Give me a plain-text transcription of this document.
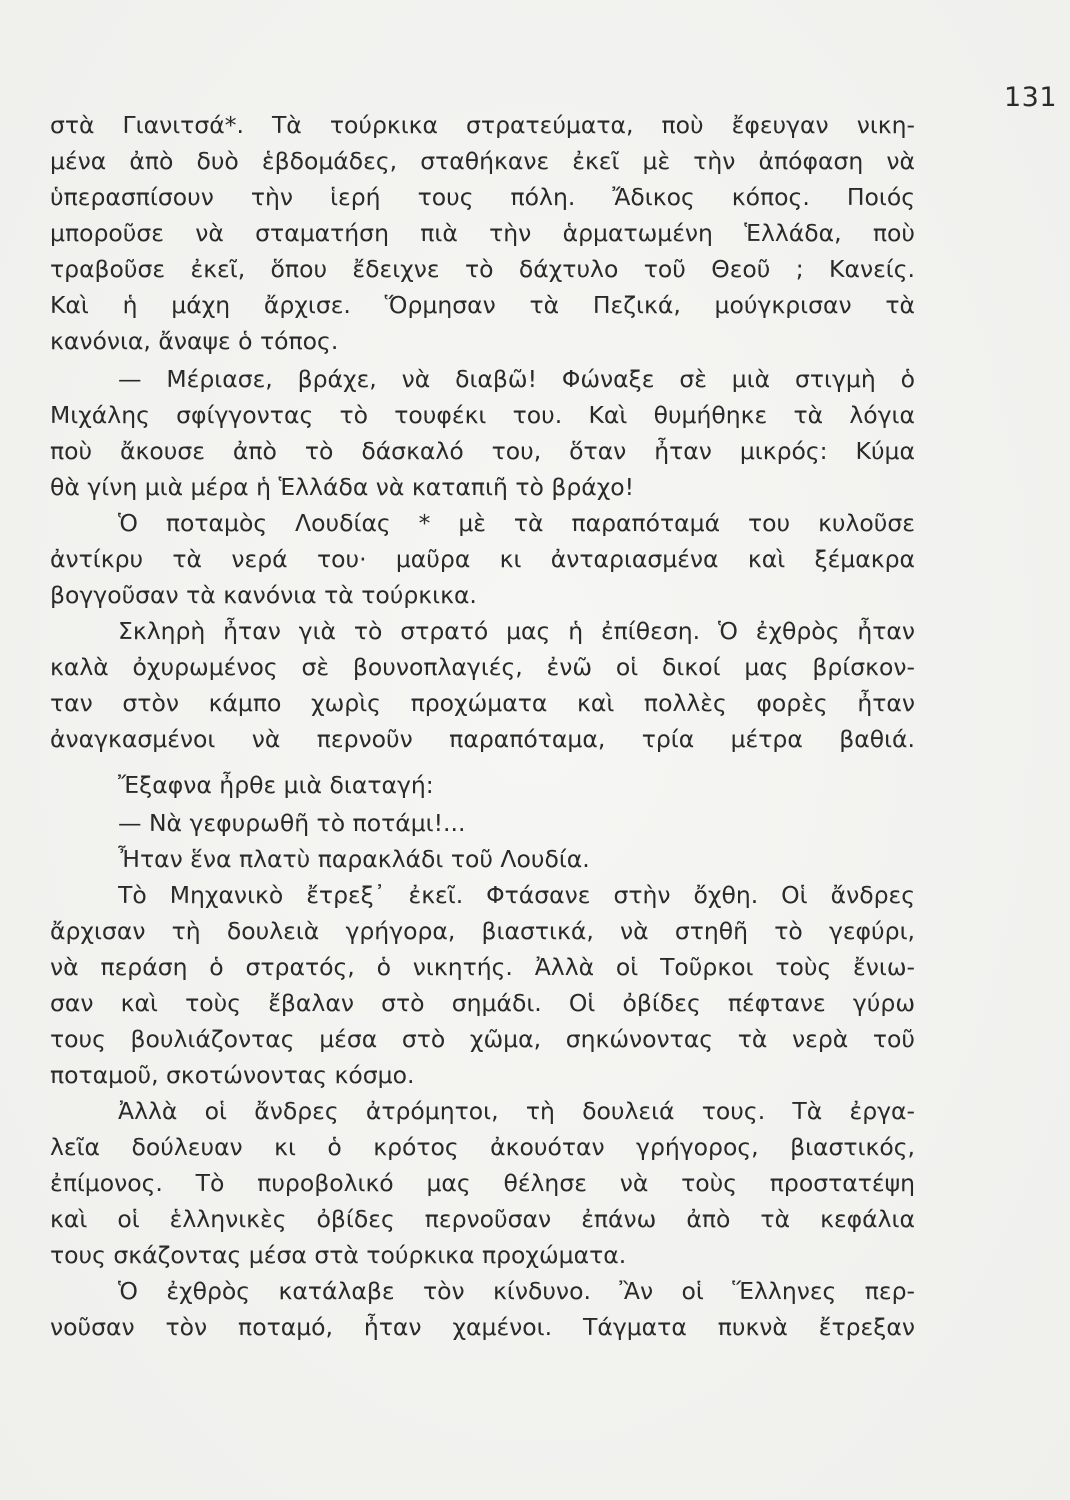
131
στὰ Γιανιτσά*. Τὰ τούρκικα στρατεύματα, ποὺ ἔφευγαν νικη-
μένα ἀπὸ δυὸ ἑβδομάδες, σταθήκανε ἐκεῖ μὲ τὴν ἀπόφαση νὰ
ὑπερασπίσουν τὴν ἱερή τους πόλη. Ἄδικος κόπος. Ποιός
μποροῦσε νὰ σταματήση πιὰ τὴν ἁρματωμένη Ἑλλάδα, ποὺ
τραβοῦσε ἐκεῖ, ὅπου ἔδειχνε τὸ δάχτυλο τοῦ Θεοῦ ; Κανείς.
Καὶ ἡ μάχη ἄρχισε. Ὅρμησαν τὰ Πεζικά, μούγκρισαν τὰ
κανόνια, ἄναψε ὁ τόπος.
— Μέριασε, βράχε, νὰ διαβῶ! Φώναξε σὲ μιὰ στιγμὴ ὁ
Μιχάλης σφίγγοντας τὸ τουφέκι του. Καὶ θυμήθηκε τὰ λόγια
ποὺ ἄκουσε ἀπὸ τὸ δάσκαλό του, ὅταν ἦταν μικρός: Κύμα
θὰ γίνη μιὰ μέρα ἡ Ἑλλάδα νὰ καταπιῆ τὸ βράχο!
Ὁ ποταμὸς Λουδίας * μὲ τὰ παραπόταμά του κυλοῦσε
ἀντίκρυ τὰ νερά του· μαῦρα κι ἀνταριασμένα καὶ ξέμακρα
βογγοῦσαν τὰ κανόνια τὰ τούρκικα.
Σκληρὴ ἦταν γιὰ τὸ στρατό μας ἡ ἐπίθεση. Ὁ ἐχθρὸς ἦταν
καλὰ ὀχυρωμένος σὲ βουνοπλαγιές, ἐνῶ οἱ δικοί μας βρίσκον-
ταν στὸν κάμπο χωρὶς προχώματα καὶ πολλὲς φορὲς ἦταν
ἀναγκασμένοι νὰ περνοῦν παραπόταμα, τρία μέτρα βαθιά.
Ἔξαφνα ἦρθε μιὰ διαταγή:
— Νὰ γεφυρωθῆ τὸ ποτάμι!...
Ἦταν ἕνα πλατὺ παρακλάδι τοῦ Λουδία.
Τὸ Μηχανικὸ ἔτρεξ᾽ ἐκεῖ. Φτάσανε στὴν ὄχθη. Οἱ ἄνδρες
ἄρχισαν τὴ δουλειὰ γρήγορα, βιαστικά, νὰ στηθῆ τὸ γεφύρι,
νὰ περάση ὁ στρατός, ὁ νικητής. Ἀλλὰ οἱ Τοῦρκοι τοὺς ἔνιω-
σαν καὶ τοὺς ἔβαλαν στὸ σημάδι. Οἱ ὀβίδες πέφτανε γύρω
τους βουλιάζοντας μέσα στὸ χῶμα, σηκώνοντας τὰ νερὰ τοῦ
ποταμοῦ, σκοτώνοντας κόσμο.
Ἀλλὰ οἱ ἄνδρες ἀτρόμητοι, τὴ δουλειά τους. Τὰ ἐργα-
λεῖα δούλευαν κι ὁ κρότος ἀκουόταν γρήγορος, βιαστικός,
ἐπίμονος. Τὸ πυροβολικό μας θέλησε νὰ τοὺς προστατέψη
καὶ οἱ ἑλληνικὲς ὀβίδες περνοῦσαν ἐπάνω ἀπὸ τὰ κεφάλια
τους σκάζοντας μέσα στὰ τούρκικα προχώματα.
Ὁ ἐχθρὸς κατάλαβε τὸν κίνδυνο. Ἂν οἱ Ἕλληνες περ-
νοῦσαν τὸν ποταμό, ἦταν χαμένοι. Τάγματα πυκνὰ ἔτρεξαν
